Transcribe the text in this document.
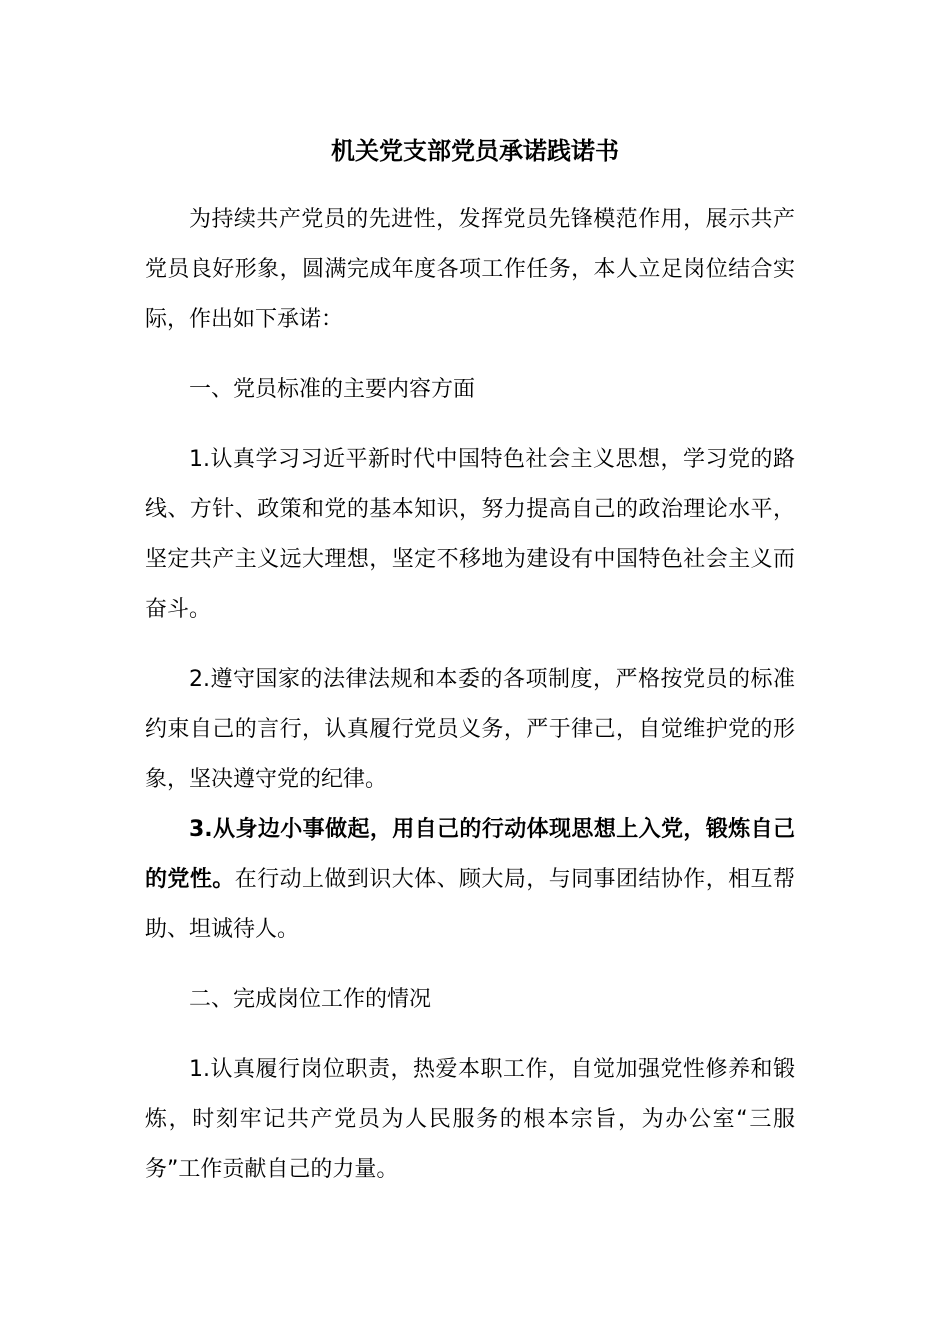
机关党支部党员承诺践诺书

为持续共产党员的先进性，发挥党员先锋模范作用，展示共产党员良好形象，圆满完成年度各项工作任务，本人立足岗位结合实际，作出如下承诺：

一、党员标准的主要内容方面

1.认真学习习近平新时代中国特色社会主义思想，学习党的路线、方针、政策和党的基本知识，努力提高自己的政治理论水平，坚定共产主义远大理想，坚定不移地为建设有中国特色社会主义而奋斗。

2.遵守国家的法律法规和本委的各项制度，严格按党员的标准约束自己的言行，认真履行党员义务，严于律己，自觉维护党的形象，坚决遵守党的纪律。

3.从身边小事做起，用自己的行动体现思想上入党，锻炼自己的党性。在行动上做到识大体、顾大局，与同事团结协作，相互帮助、坦诚待人。

二、完成岗位工作的情况

1.认真履行岗位职责，热爱本职工作，自觉加强党性修养和锻炼，时刻牢记共产党员为人民服务的根本宗旨，为办公室“三服务”工作贡献自己的力量。
